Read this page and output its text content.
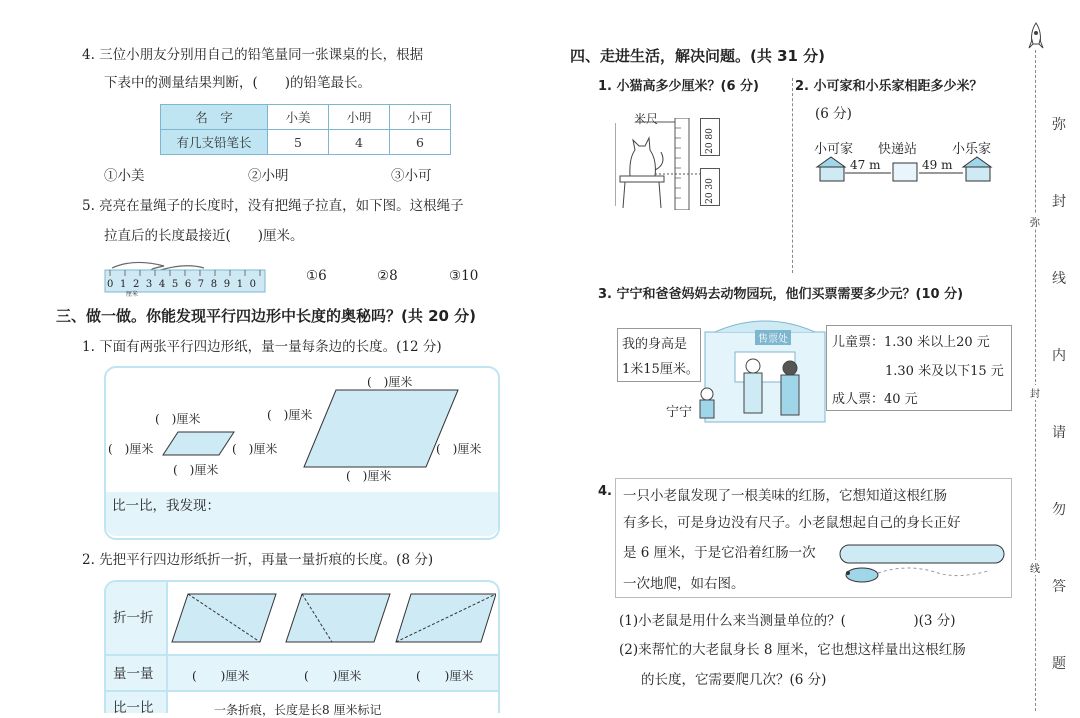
4. 三位小朋友分别用自己的铅笔量同一张课桌的长，根据
下表中的测量结果判断，(　　)的铅笔最长。
名　字	小美	小明	小可
有几支铅笔长	5	4	6
①小美	②小明	③小可
5. 亮亮在量绳子的长度时，没有把绳子拉直，如下图。这根绳子
拉直后的长度最接近(　　)厘米。
012345678910
厘米
①6	②8	③10
三、做一做。你能发现平行四边形中长度的奥秘吗？(共 20 分)
1. 下面有两张平行四边形纸，量一量每条边的长度。(12 分)
(　)厘米
(　)厘米	(　)厘米
(　)厘米	(　)厘米	(　)厘米
(　)厘米	(　)厘米
比一比，我发现：
2. 先把平行四边形纸折一折，再量一量折痕的长度。(8 分)
折一折
量一量	(　　)厘米	(　　)厘米	(　　)厘米
比一比	一条折痕，长度是长8 厘米标记
四、走进生活，解决问题。(共 31 分)
1. 小猫高多少厘米？(6 分)	2. 小可家和小乐家相距多少米？
(6 分)
米尺
20 80
20 30
小可家 快递站	小乐家
47 m	49 m
3. 宁宁和爸爸妈妈去动物园玩，他们买票需要多少元？(10 分)
我的身高是
1米15厘米。
售票处
宁宁
儿童票：1.30 米以上20 元
1.30 米及以下15 元
成人票：40 元
4. 一只小老鼠发现了一根美味的红肠，它想知道这根红肠
有多长，可是身边没有尺子。小老鼠想起自己的身长正好
是 6 厘米，于是它沿着红肠一次
一次地爬，如右图。
(1)小老鼠是用什么来当测量单位的？(　　　　　)(3 分)
(2)来帮忙的大老鼠身长 8 厘米，它也想这样量出这根红肠
的长度，它需要爬几次？(6 分)
弥
封
线
弥
封
线
内
请
勿
答
题
